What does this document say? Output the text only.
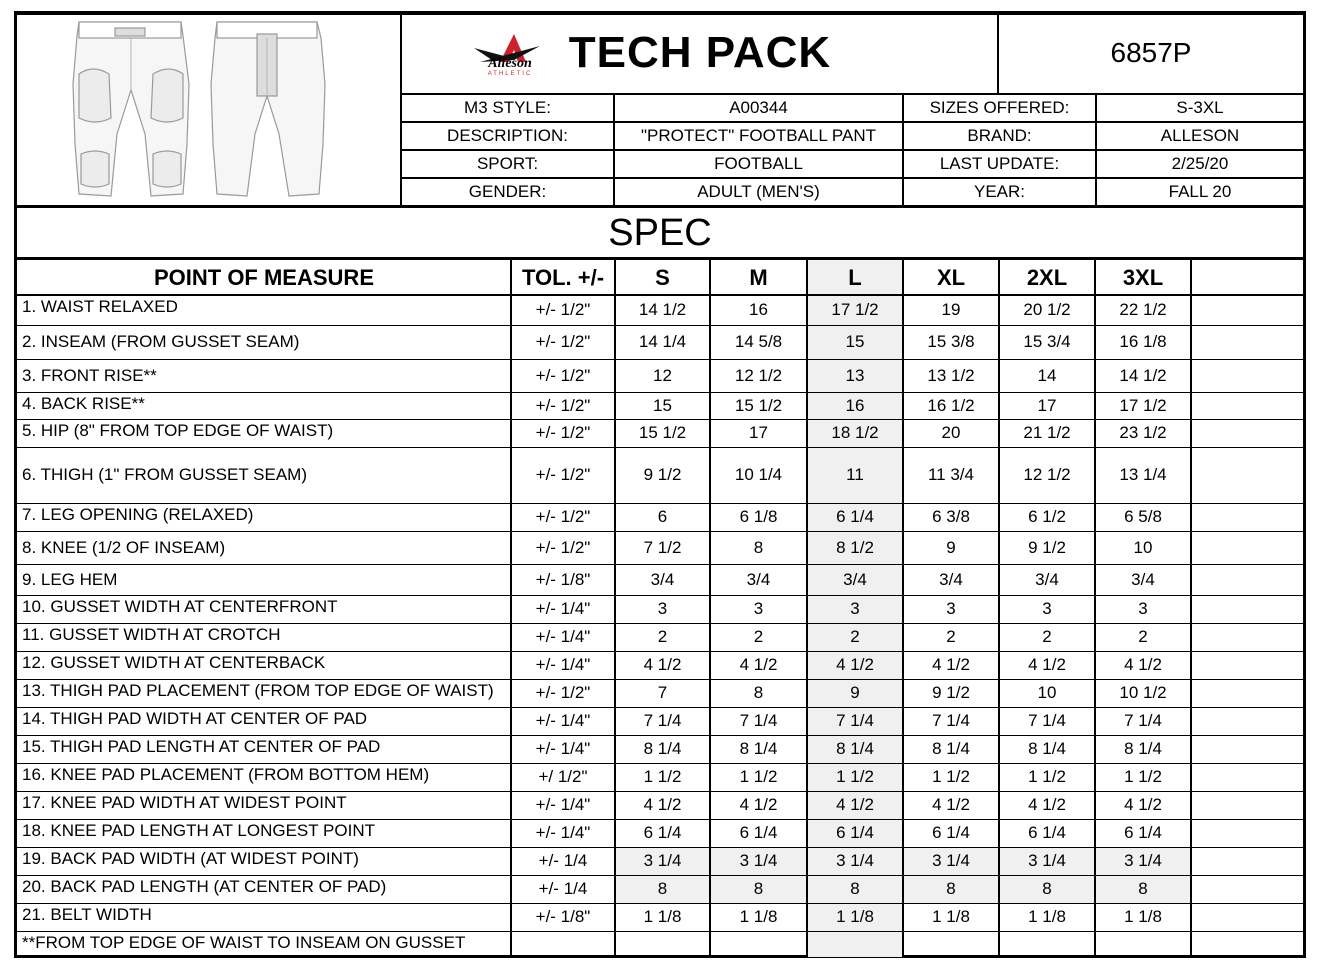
Alleson
ATHLETIC TECH PACK	6857P
M3 STYLE:	A00344	SIZES OFFERED:	S-3XL
DESCRIPTION:	"PROTECT" FOOTBALL PANT	BRAND:	ALLESON
SPORT:	FOOTBALL	LAST UPDATE:	2/25/20
GENDER:	ADULT (MEN'S)	YEAR:	FALL 20
SPEC
POINT OF MEASURE	TOL. +/-	S	M	L	XL	2XL	3XL
1. WAIST RELAXED	+/- 1/2"	14 1/2	16	17 1/2	19	20 1/2	22 1/2
2. INSEAM (FROM GUSSET SEAM)	+/- 1/2"	14 1/4	14 5/8	15	15 3/8	15 3/4	16 1/8
3. FRONT RISE**	+/- 1/2"	12	12 1/2	13	13 1/2	14	14 1/2
4. BACK RISE**	+/- 1/2"	15	15 1/2	16	16 1/2	17	17 1/2
5. HIP (8" FROM TOP EDGE OF WAIST)	+/- 1/2"	15 1/2	17	18 1/2	20	21 1/2	23 1/2
6. THIGH (1" FROM GUSSET SEAM)	+/- 1/2"	9 1/2	10 1/4	11	11 3/4	12 1/2	13 1/4
7. LEG OPENING (RELAXED)	+/- 1/2"	6	6 1/8	6 1/4	6 3/8	6 1/2	6 5/8
8. KNEE (1/2 OF INSEAM)	+/- 1/2"	7 1/2	8	8 1/2	9	9 1/2	10
9. LEG HEM	+/- 1/8"	3/4	3/4	3/4	3/4	3/4	3/4
10. GUSSET WIDTH AT CENTERFRONT	+/- 1/4"	3	3	3	3	3	3
11. GUSSET WIDTH AT CROTCH	+/- 1/4"	2	2	2	2	2	2
12. GUSSET WIDTH AT CENTERBACK	+/- 1/4"	4 1/2	4 1/2	4 1/2	4 1/2	4 1/2	4 1/2
13. THIGH PAD PLACEMENT (FROM TOP EDGE OF WAIST)	+/- 1/2"	7	8	9	9 1/2	10	10 1/2
14. THIGH PAD WIDTH AT CENTER OF PAD	+/- 1/4"	7 1/4	7 1/4	7 1/4	7 1/4	7 1/4	7 1/4
15. THIGH PAD LENGTH AT CENTER OF PAD	+/- 1/4"	8 1/4	8 1/4	8 1/4	8 1/4	8 1/4	8 1/4
16. KNEE PAD PLACEMENT (FROM BOTTOM HEM)	+/ 1/2"	1 1/2	1 1/2	1 1/2	1 1/2	1 1/2	1 1/2
17. KNEE PAD WIDTH AT WIDEST POINT	+/- 1/4"	4 1/2	4 1/2	4 1/2	4 1/2	4 1/2	4 1/2
18. KNEE PAD LENGTH AT LONGEST POINT	+/- 1/4"	6 1/4	6 1/4	6 1/4	6 1/4	6 1/4	6 1/4
19. BACK PAD WIDTH (AT WIDEST POINT)	+/- 1/4	3 1/4	3 1/4	3 1/4	3 1/4	3 1/4	3 1/4
20. BACK PAD LENGTH (AT CENTER OF PAD)	+/- 1/4	8	8	8	8	8	8
21. BELT WIDTH	+/- 1/8"	1 1/8	1 1/8	1 1/8	1 1/8	1 1/8	1 1/8
**FROM TOP EDGE OF WAIST TO INSEAM ON GUSSET
